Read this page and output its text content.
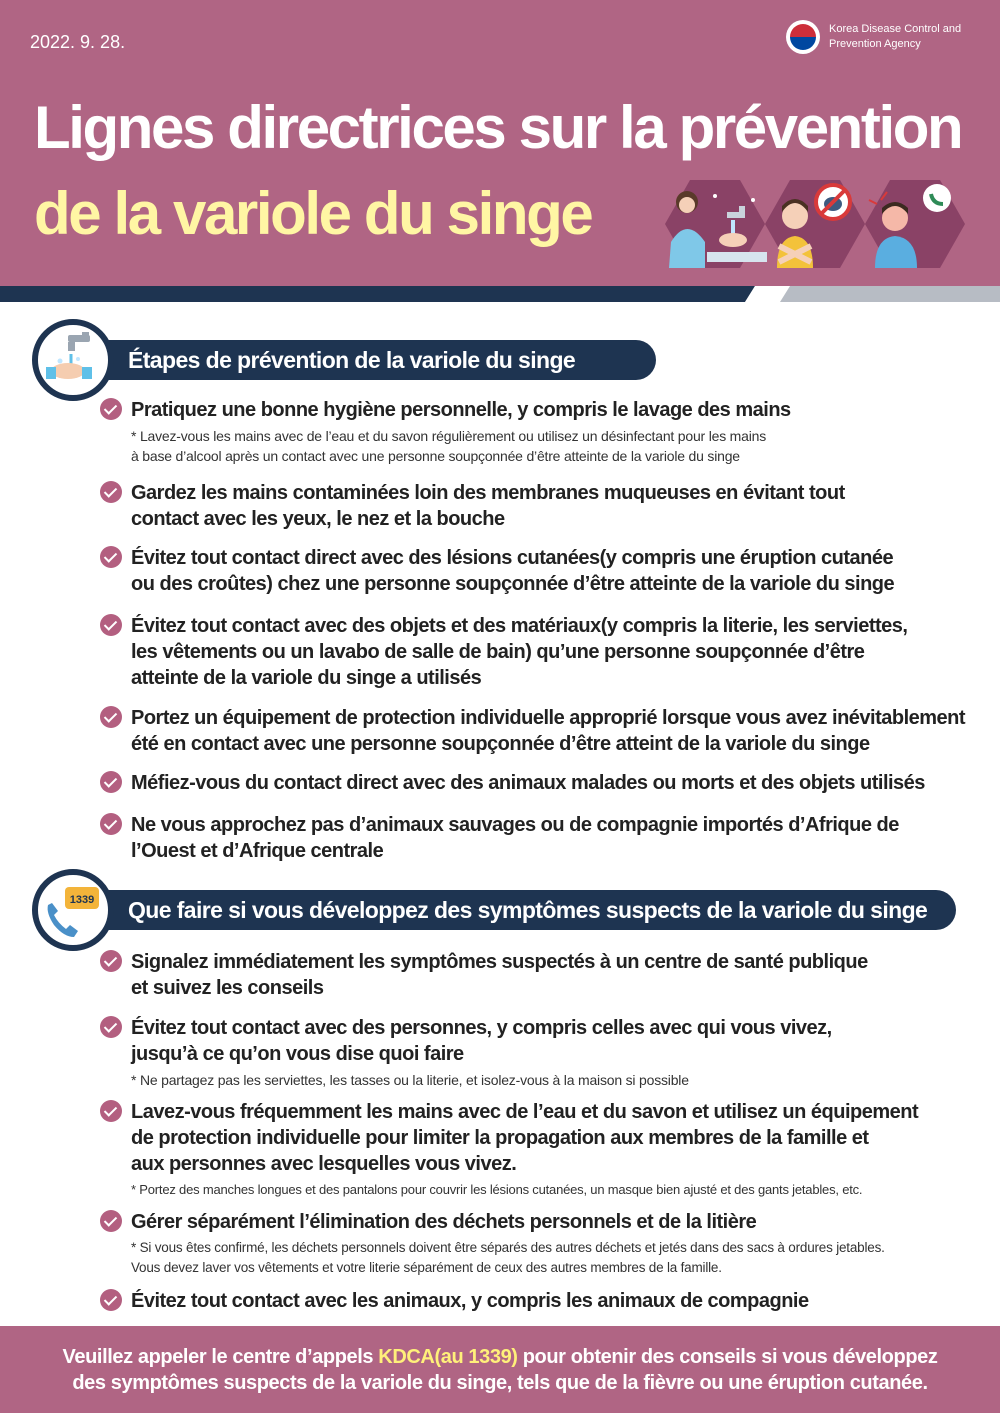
2022. 9. 28.
Korea Disease Control and
Prevention Agency
Lignes directrices sur la prévention
de la variole du singe
Étapes de prévention de la variole du singe
Pratiquez une bonne hygiène personnelle, y compris le lavage des mains
* Lavez-vous les mains avec de l’eau et du savon régulièrement ou utilisez un désinfectant pour les mains
à base d’alcool après un contact avec une personne soupçonnée d’être atteinte de la variole du singe
Gardez les mains contaminées loin des membranes muqueuses en évitant tout
contact avec les yeux, le nez et la bouche
Évitez tout contact direct avec des lésions cutanées(y compris une éruption cutanée
ou des croûtes) chez une personne soupçonnée d’être atteinte de la variole du singe
Évitez tout contact avec des objets et des matériaux(y compris la literie, les serviettes,
les vêtements ou un lavabo de salle de bain) qu’une personne soupçonnée d’être
atteinte de la variole du singe a utilisés
Portez un équipement de protection individuelle approprié lorsque vous avez inévitablement
été en contact avec une personne soupçonnée d’être atteint de la variole du singe
Méfiez-vous du contact direct avec des animaux malades ou morts et des objets utilisés
Ne vous approchez pas d’animaux sauvages ou de compagnie importés d’Afrique de
l’Ouest et d’Afrique centrale
1339	Que faire si vous développez des symptômes suspects de la variole du singe
Signalez immédiatement les symptômes suspectés à un centre de santé publique
et suivez les conseils
Évitez tout contact avec des personnes, y compris celles avec qui vous vivez,
jusqu’à ce qu’on vous dise quoi faire
* Ne partagez pas les serviettes, les tasses ou la literie, et isolez-vous à la maison si possible
Lavez-vous fréquemment les mains avec de l’eau et du savon et utilisez un équipement
de protection individuelle pour limiter la propagation aux membres de la famille et
aux personnes avec lesquelles vous vivez.
* Portez des manches longues et des pantalons pour couvrir les lésions cutanées, un masque bien ajusté et des gants jetables, etc.
Gérer séparément l’élimination des déchets personnels et de la litière
* Si vous êtes confirmé, les déchets personnels doivent être séparés des autres déchets et jetés dans des sacs à ordures jetables.
Vous devez laver vos vêtements et votre literie séparément de ceux des autres membres de la famille.
Évitez tout contact avec les animaux, y compris les animaux de compagnie
Veuillez appeler le centre d’appels KDCA(au 1339) pour obtenir des conseils si vous développez
des symptômes suspects de la variole du singe, tels que de la fièvre ou une éruption cutanée.
